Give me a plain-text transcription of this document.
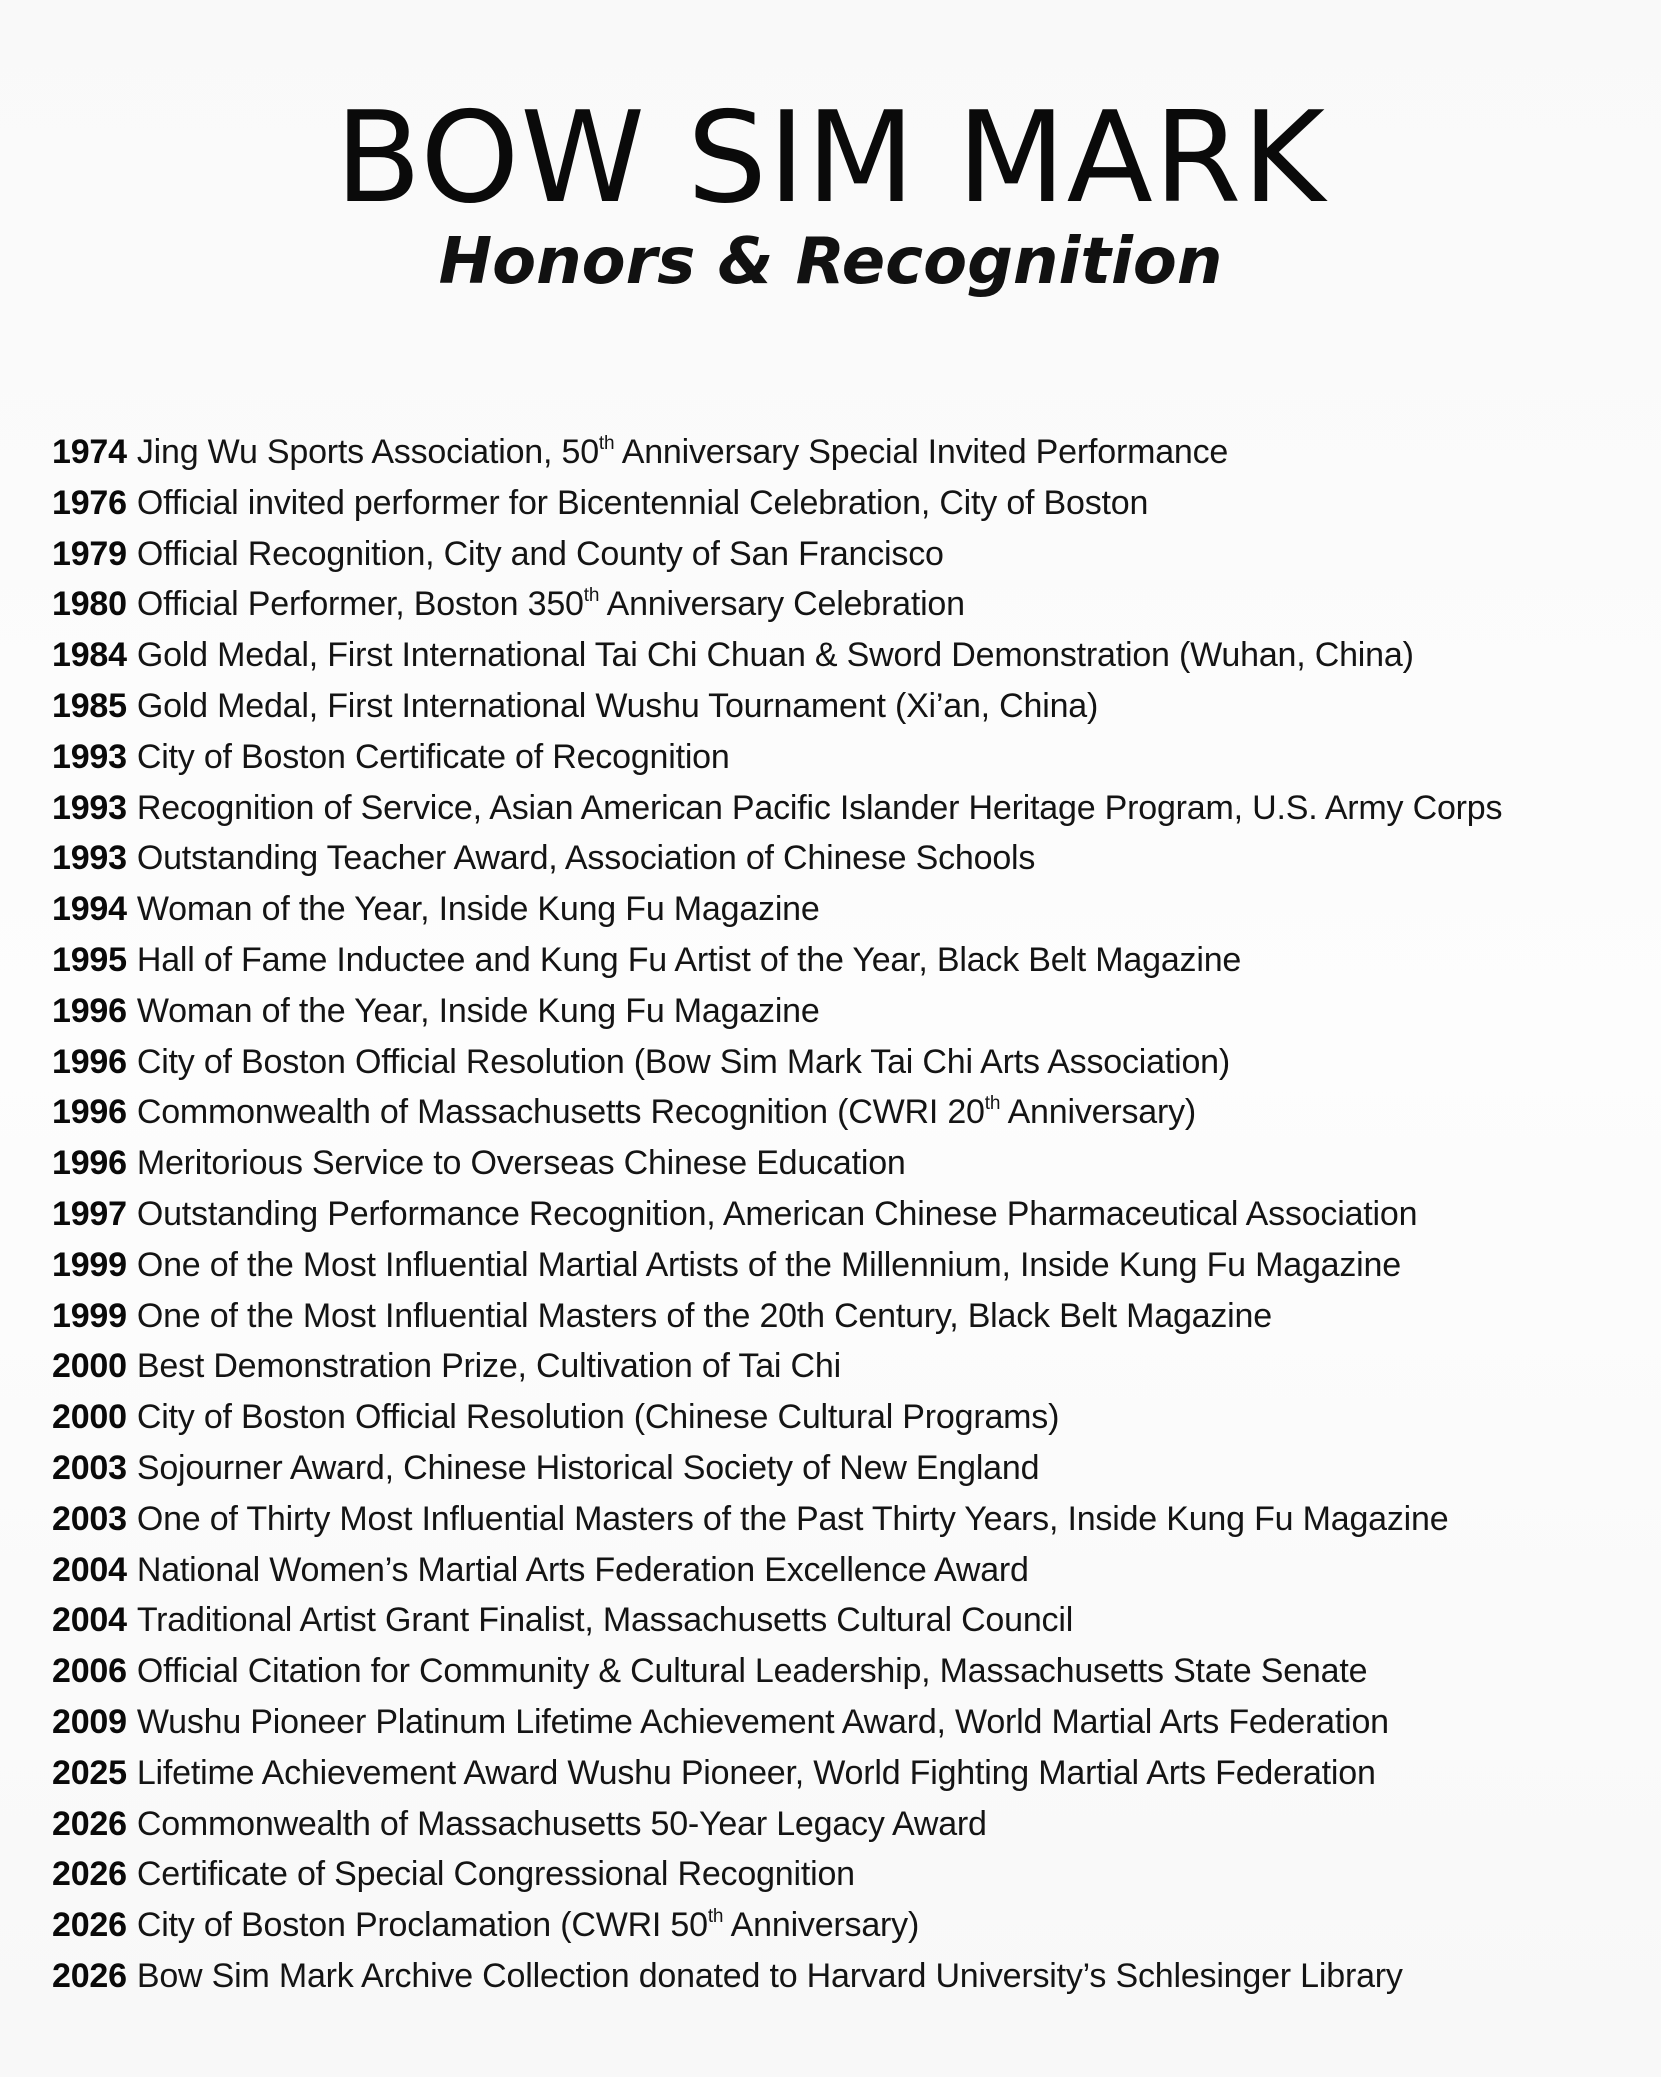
BOW SIM MARK
Honors & Recognition
1974 Jing Wu Sports Association, 50th Anniversary Special Invited Performance
1976 Official invited performer for Bicentennial Celebration, City of Boston
1979 Official Recognition, City and County of San Francisco
1980 Official Performer, Boston 350th Anniversary Celebration
1984 Gold Medal, First International Tai Chi Chuan & Sword Demonstration (Wuhan, China)
1985 Gold Medal, First International Wushu Tournament (Xi’an, China)
1993 City of Boston Certificate of Recognition
1993 Recognition of Service, Asian American Pacific Islander Heritage Program, U.S. Army Corps
1993 Outstanding Teacher Award, Association of Chinese Schools
1994 Woman of the Year, Inside Kung Fu Magazine
1995 Hall of Fame Inductee and Kung Fu Artist of the Year, Black Belt Magazine
1996 Woman of the Year, Inside Kung Fu Magazine
1996 City of Boston Official Resolution (Bow Sim Mark Tai Chi Arts Association)
1996 Commonwealth of Massachusetts Recognition (CWRI 20th Anniversary)
1996 Meritorious Service to Overseas Chinese Education
1997 Outstanding Performance Recognition, American Chinese Pharmaceutical Association
1999 One of the Most Influential Martial Artists of the Millennium, Inside Kung Fu Magazine
1999 One of the Most Influential Masters of the 20th Century, Black Belt Magazine
2000 Best Demonstration Prize, Cultivation of Tai Chi
2000 City of Boston Official Resolution (Chinese Cultural Programs)
2003 Sojourner Award, Chinese Historical Society of New England
2003 One of Thirty Most Influential Masters of the Past Thirty Years, Inside Kung Fu Magazine
2004 National Women’s Martial Arts Federation Excellence Award
2004 Traditional Artist Grant Finalist, Massachusetts Cultural Council
2006 Official Citation for Community & Cultural Leadership, Massachusetts State Senate
2009 Wushu Pioneer Platinum Lifetime Achievement Award, World Martial Arts Federation
2025 Lifetime Achievement Award Wushu Pioneer, World Fighting Martial Arts Federation
2026 Commonwealth of Massachusetts 50-Year Legacy Award
2026 Certificate of Special Congressional Recognition
2026 City of Boston Proclamation (CWRI 50th Anniversary)
2026 Bow Sim Mark Archive Collection donated to Harvard University’s Schlesinger Library
